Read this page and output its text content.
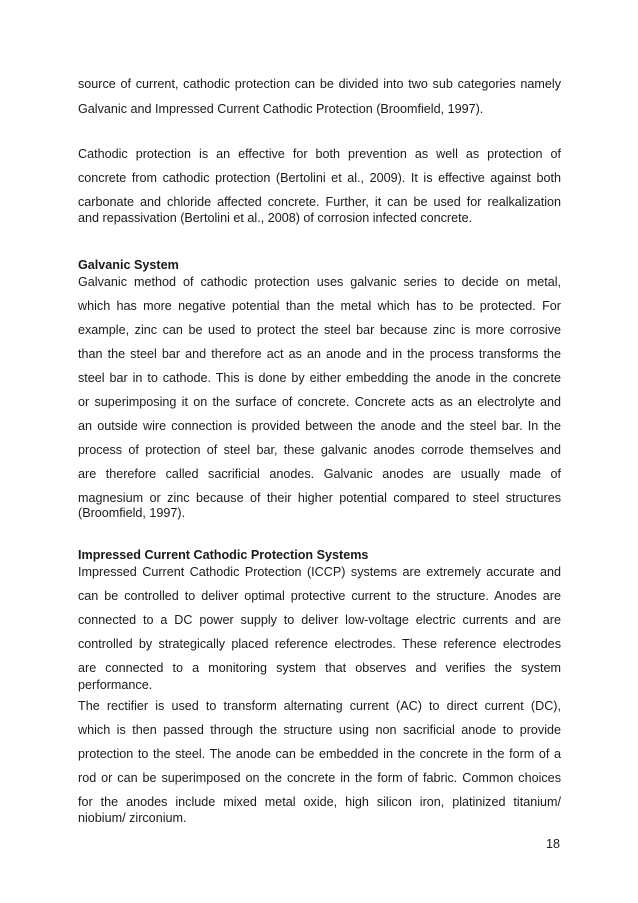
source of current, cathodic protection can be divided into two sub categories namely
Galvanic and Impressed Current Cathodic Protection (Broomfield, 1997).
Cathodic protection is an effective for both prevention as well as protection of
concrete from cathodic protection (Bertolini et al., 2009). It is effective against both
carbonate and chloride affected concrete. Further, it can be used for realkalization
and repassivation (Bertolini et al., 2008) of corrosion infected concrete.
Galvanic System
Galvanic method of cathodic protection uses galvanic series to decide on metal,
which has more negative potential than the metal which has to be protected. For
example, zinc can be used to protect the steel bar because zinc is more corrosive
than the steel bar and therefore act as an anode and in the process transforms the
steel bar in to cathode. This is done by either embedding the anode in the concrete
or superimposing it on the surface of concrete. Concrete acts as an electrolyte and
an outside wire connection is provided between the anode and the steel bar. In the
process of protection of steel bar, these galvanic anodes corrode themselves and
are therefore called sacrificial anodes. Galvanic anodes are usually made of
magnesium or zinc because of their higher potential compared to steel structures
(Broomfield, 1997).
Impressed Current Cathodic Protection Systems
Impressed Current Cathodic Protection (ICCP) systems are extremely accurate and
can be controlled to deliver optimal protective current to the structure. Anodes are
connected to a DC power supply to deliver low-voltage electric currents and are
controlled by strategically placed reference electrodes. These reference electrodes
are connected to a monitoring system that observes and verifies the system
performance.
The rectifier is used to transform alternating current (AC) to direct current (DC),
which is then passed through the structure using non sacrificial anode to provide
protection to the steel. The anode can be embedded in the concrete in the form of a
rod or can be superimposed on the concrete in the form of fabric. Common choices
for the anodes include mixed metal oxide, high silicon iron, platinized titanium/
niobium/ zirconium.
18
